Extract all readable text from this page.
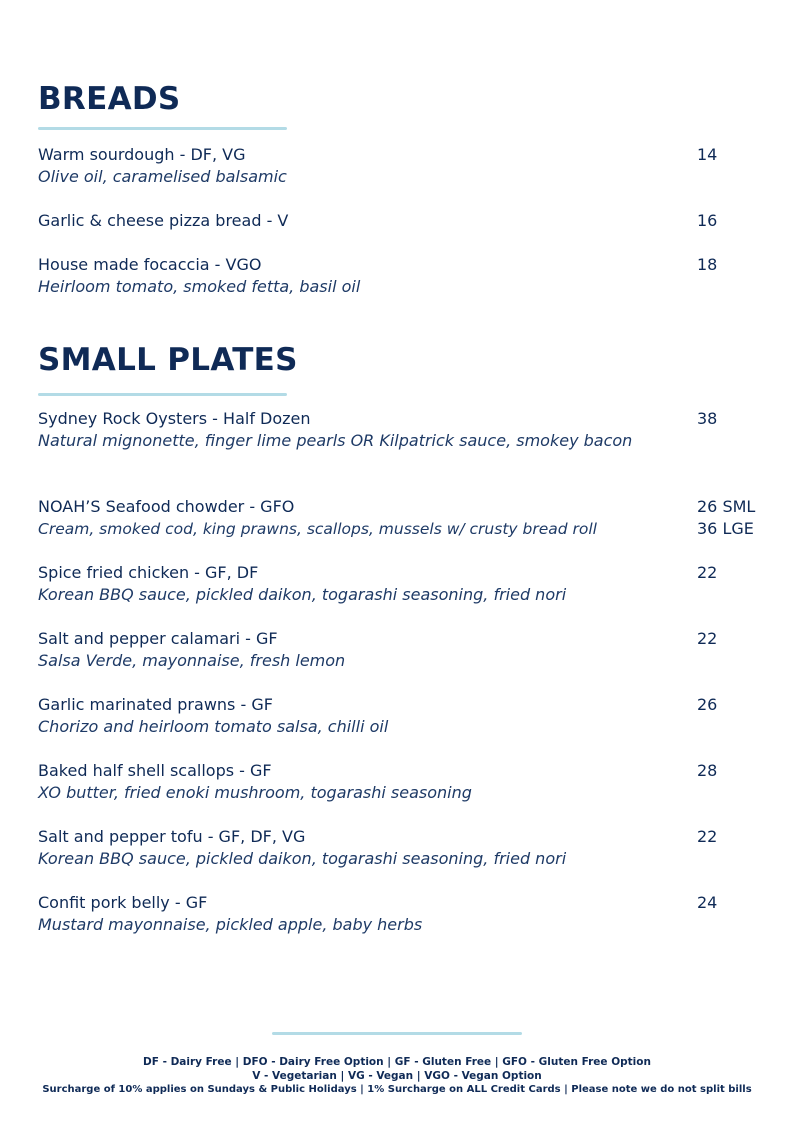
BREADS
Warm sourdough - DF, VG
Olive oil, caramelised balsamic
14
Garlic & cheese pizza bread - V	16
House made focaccia - VGO
Heirloom tomato, smoked fetta, basil oil
18
SMALL PLATES
Sydney Rock Oysters - Half Dozen
Natural mignonette, finger lime pearls OR Kilpatrick sauce, smokey bacon
38
NOAH’S Seafood chowder - GFO
Cream, smoked cod, king prawns, scallops, mussels w/ crusty bread roll
26 SML
36 LGE
Spice fried chicken - GF, DF
Korean BBQ sauce, pickled daikon, togarashi seasoning, fried nori
22
Salt and pepper calamari - GF
Salsa Verde, mayonnaise, fresh lemon
22
Garlic marinated prawns - GF
Chorizo and heirloom tomato salsa, chilli oil
26
Baked half shell scallops - GF
XO butter, fried enoki mushroom, togarashi seasoning
28
Salt and pepper tofu - GF, DF, VG
Korean BBQ sauce, pickled daikon, togarashi seasoning, fried nori
22
Confit pork belly - GF
Mustard mayonnaise, pickled apple, baby herbs
24
DF - Dairy Free | DFO - Dairy Free Option | GF - Gluten Free | GFO - Gluten Free Option
V - Vegetarian | VG - Vegan | VGO - Vegan Option
Surcharge of 10% applies on Sundays & Public Holidays | 1% Surcharge on ALL Credit Cards | Please note we do not split bills
